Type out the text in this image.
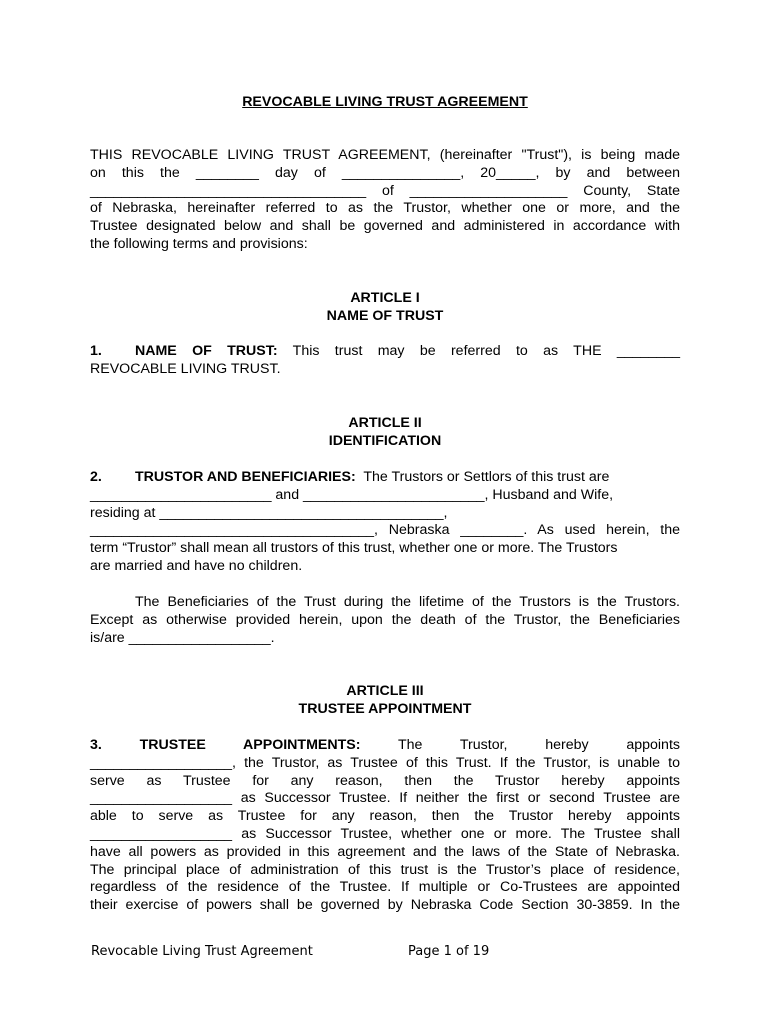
REVOCABLE LIVING TRUST AGREEMENT
THIS REVOCABLE LIVING TRUST AGREEMENT, (hereinafter "Trust"), is being made
on this the ________ day of _______________, 20_____, by and between
___________________________________ of ____________________ County, State
of Nebraska, hereinafter referred to as the Trustor, whether one or more, and the
Trustee designated below and shall be governed and administered in accordance with
the following terms and provisions:
ARTICLE I
NAME OF TRUST
1. NAME OF TRUST: This trust may be referred to as THE ________
REVOCABLE LIVING TRUST.
ARTICLE II
IDENTIFICATION
2. TRUSTOR AND BENEFICIARIES: The Trustors or Settlors of this trust are
_______________________ and _______________________, Husband and Wife,
residing at ____________________________________,
____________________________________, Nebraska ________. As used herein, the
term “Trustor” shall mean all trustors of this trust, whether one or more. The Trustors
are married and have no children.
The Beneficiaries of the Trust during the lifetime of the Trustors is the Trustors.
Except as otherwise provided herein, upon the death of the Trustor, the Beneficiaries
is/are __________________.
ARTICLE III
TRUSTEE APPOINTMENT
3.	TRUSTEE APPOINTMENTS:	The Trustor, hereby appoints
__________________, the Trustor, as Trustee of this Trust. If the Trustor, is unable to
serve as Trustee for any reason, then the Trustor hereby appoints
__________________ as Successor Trustee. If neither the first or second Trustee are
able to serve as Trustee for any reason, then the Trustor hereby appoints
__________________ as Successor Trustee, whether one or more. The Trustee shall
have all powers as provided in this agreement and the laws of the State of Nebraska.
The principal place of administration of this trust is the Trustor’s place of residence,
regardless of the residence of the Trustee. If multiple or Co-Trustees are appointed
their exercise of powers shall be governed by Nebraska Code Section 30-3859. In the
Revocable Living Trust Agreement	Page 1 of 19
